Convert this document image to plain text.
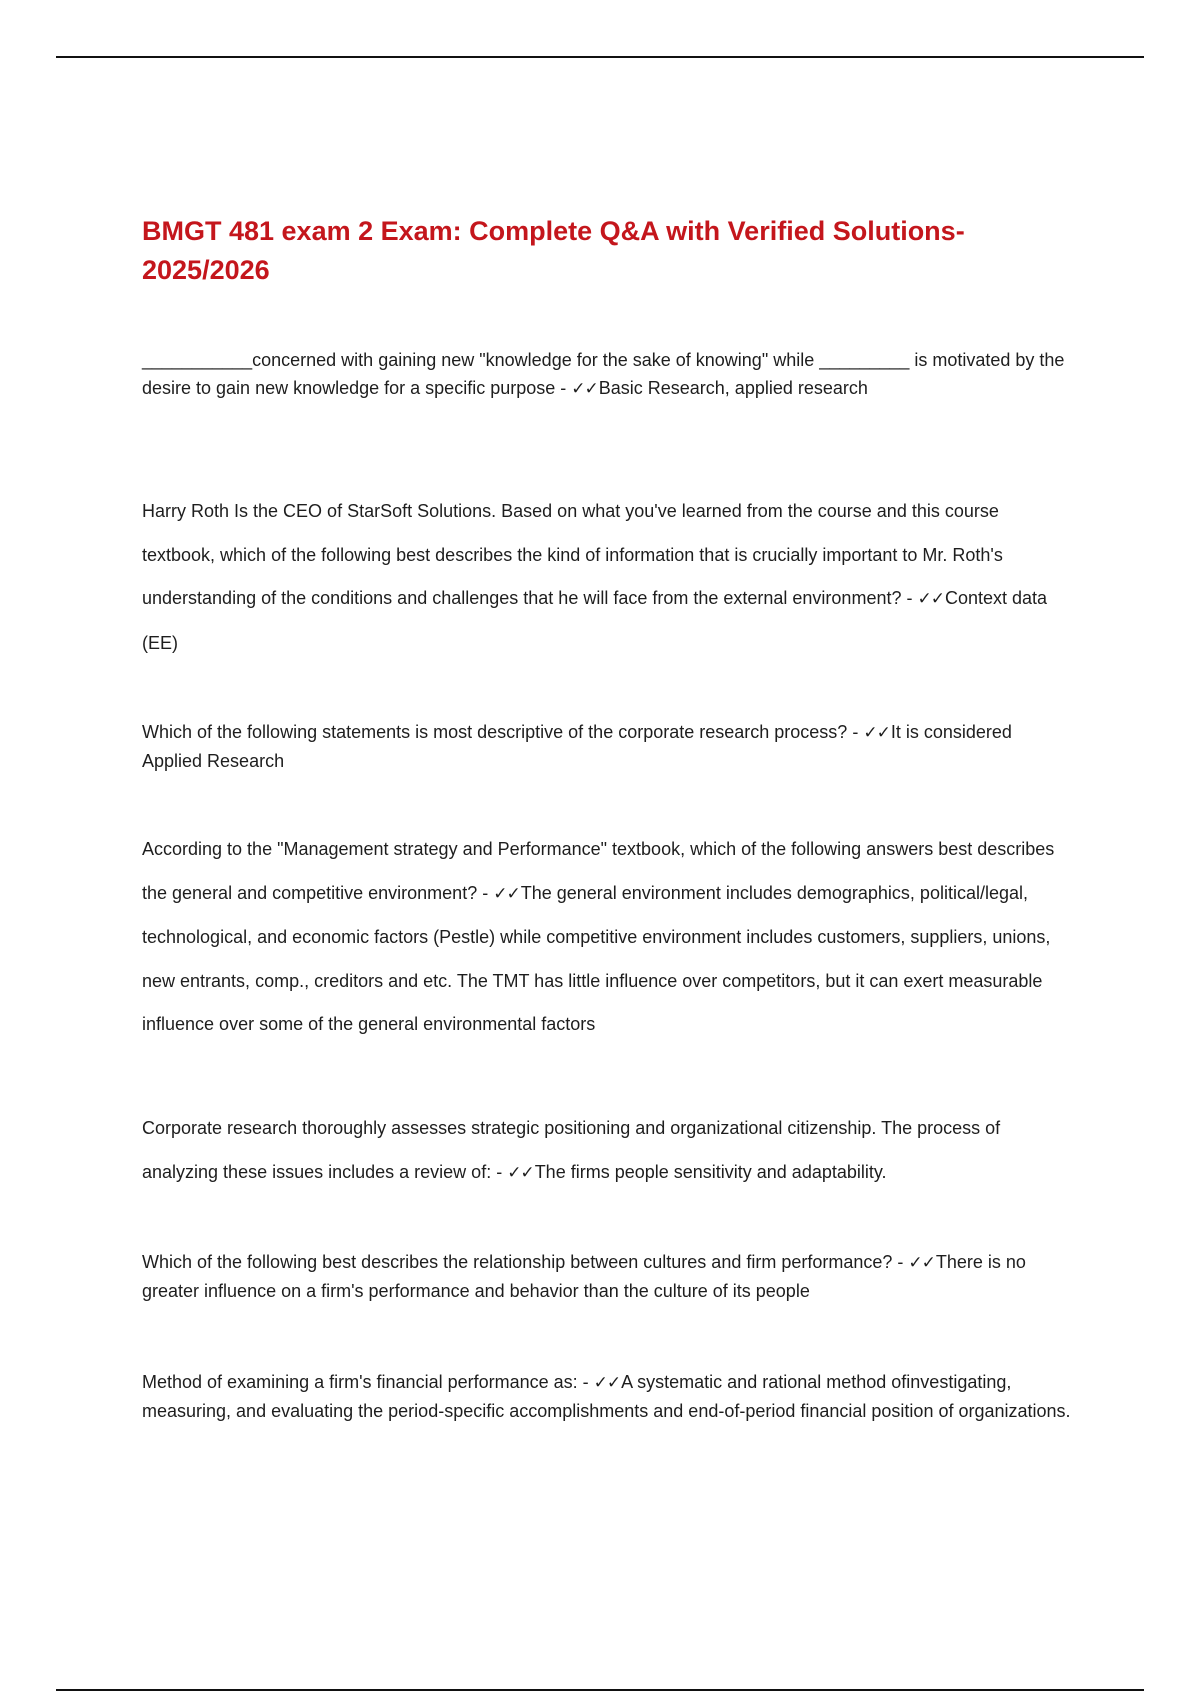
BMGT 481 exam 2 Exam: Complete Q&A with Verified Solutions-2025/2026

___________concerned with gaining new "knowledge for the sake of knowing" while _________ is motivated by the desire to gain new knowledge for a specific purpose - ✓✓Basic Research, applied research

Harry Roth Is the CEO of StarSoft Solutions. Based on what you've learned from the course and this course textbook, which of the following best describes the kind of information that is crucially important to Mr. Roth's understanding of the conditions and challenges that he will face from the external environment? - ✓✓Context data (EE)

Which of the following statements is most descriptive of the corporate research process? - ✓✓It is considered Applied Research

According to the "Management strategy and Performance" textbook, which of the following answers best describes the general and competitive environment? - ✓✓The general environment includes demographics, political/legal, technological, and economic factors (Pestle) while competitive environment includes customers, suppliers, unions, new entrants, comp., creditors and etc. The TMT has little influence over competitors, but it can exert measurable influence over some of the general environmental factors

Corporate research thoroughly assesses strategic positioning and organizational citizenship. The process of analyzing these issues includes a review of: - ✓✓The firms people sensitivity and adaptability.

Which of the following best describes the relationship between cultures and firm performance? - ✓✓There is no greater influence on a firm's performance and behavior than the culture of its people

Method of examining a firm's financial performance as: - ✓✓A systematic and rational method ofinvestigating, measuring, and evaluating the period-specific accomplishments and end-of-period financial position of organizations.
